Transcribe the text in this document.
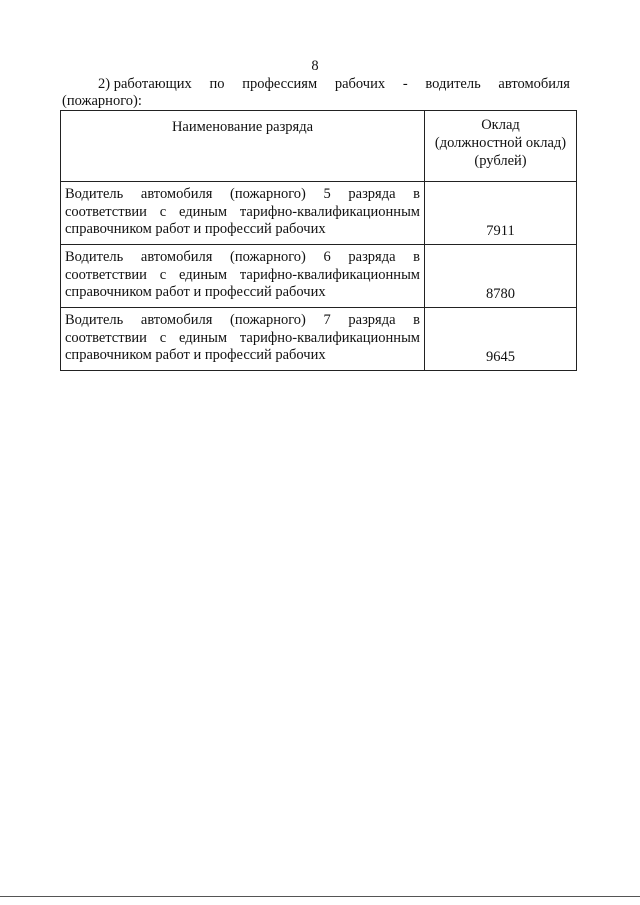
8
2) работающих по профессиям рабочих - водитель автомобиля
(пожарного):
Наименование разряда	Оклад
(должностной оклад)
(рублей)

Водитель автомобиля (пожарного) 5 разряда в соответствии с единым тарифно-квалификационным справочником работ и профессий рабочих	7911
Водитель автомобиля (пожарного) 6 разряда в соответствии с единым тарифно-квалификационным справочником работ и профессий рабочих	8780
Водитель автомобиля (пожарного) 7 разряда в соответствии с единым тарифно-квалификационным справочником работ и профессий рабочих	9645
